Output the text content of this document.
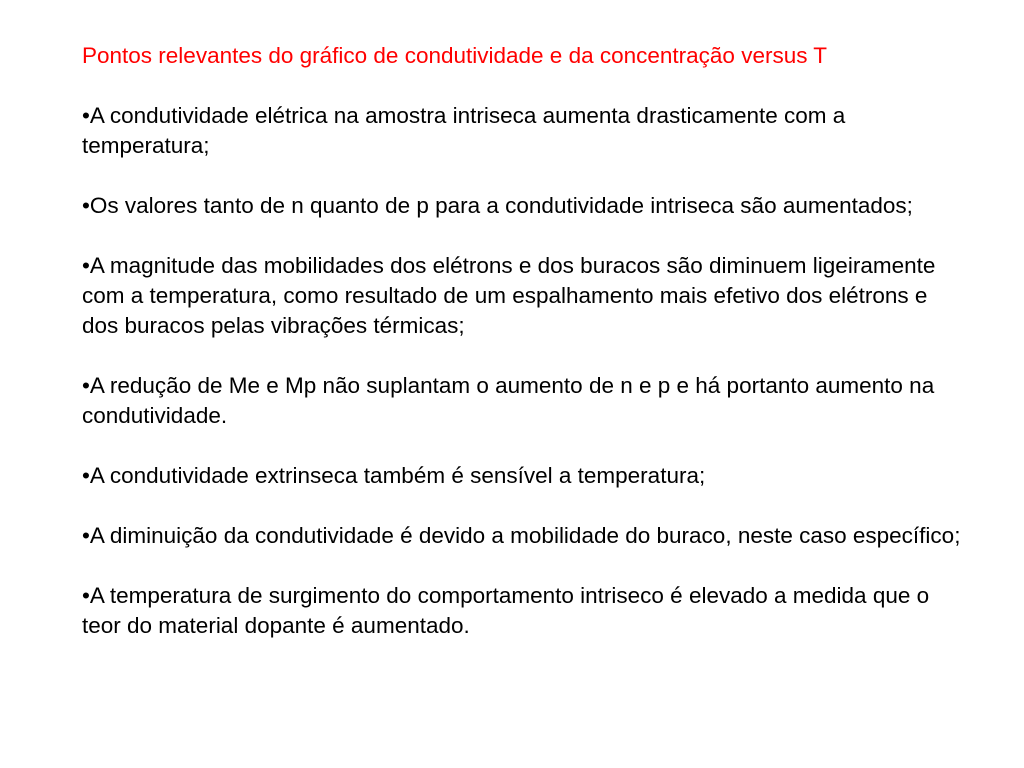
Pontos relevantes do gráfico de condutividade e da concentração versus T
•A condutividade elétrica na amostra intriseca aumenta drasticamente com a temperatura;
•Os valores tanto de n quanto de p para a condutividade intriseca são aumentados;
•A magnitude das mobilidades dos elétrons e dos buracos são diminuem ligeiramente com a temperatura, como resultado de um espalhamento mais efetivo dos elétrons e dos buracos pelas vibrações térmicas;
•A redução de Me e Mp não suplantam o aumento de n e p e há portanto aumento na condutividade.
•A condutividade extrinseca também é sensível a temperatura;
•A diminuição da condutividade é devido a mobilidade do buraco, neste caso específico;
•A temperatura de surgimento do comportamento intriseco é elevado a medida que o teor do material dopante é aumentado.
